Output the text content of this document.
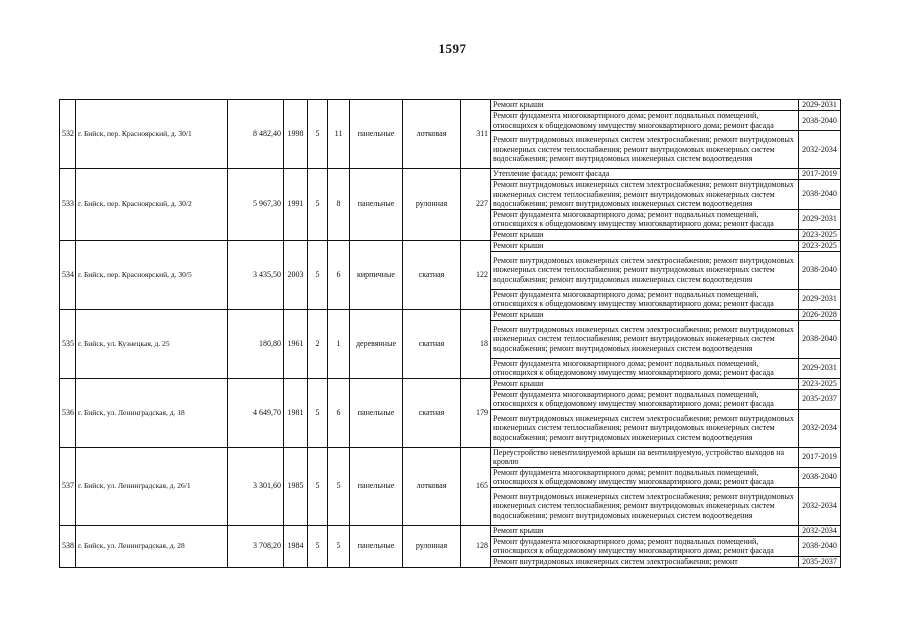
1597
532	г. Бийск, пер. Красноярский, д. 30/1	8 482,40	1998	5	11	панельные	лотковая	311	Ремонт крыши	2029-2031
									Ремонт фундамента многоквартирного дома; ремонт подвальных помещений, относящихся к общедомовому имуществу многоквартирного дома; ремонт фасада	2038-2040
									Ремонт внутридомовых инженерных систем электроснабжения; ремонт внутридомовых инженерных систем теплоснабжения; ремонт внутридомовых инженерных систем водоснабжения; ремонт внутридомовых инженерных систем водоотведения	2032-2034
533	г. Бийск, пер. Красноярский, д. 30/2	5 967,30	1991	5	8	панельные	рулонная	227	Утепление фасада; ремонт фасада	2017-2019
									Ремонт внутридомовых инженерных систем электроснабжения; ремонт внутридомовых инженерных систем теплоснабжения; ремонт внутридомовых инженерных систем водоснабжения; ремонт внутридомовых инженерных систем водоотведения	2038-2040
									Ремонт фундамента многоквартирного дома; ремонт подвальных помещений, относящихся к общедомовому имуществу многоквартирного дома; ремонт фасада	2029-2031
									Ремонт крыши	2023-2025
534	г. Бийск, пер. Красноярский, д. 30/5	3 435,50	2003	5	6	кирпичные	скатная	122	Ремонт крыши	2023-2025
									Ремонт внутридомовых инженерных систем электроснабжения; ремонт внутридомовых инженерных систем теплоснабжения; ремонт внутридомовых инженерных систем водоснабжения; ремонт внутридомовых инженерных систем водоотведения	2038-2040
									Ремонт фундамента многоквартирного дома; ремонт подвальных помещений, относящихся к общедомовому имуществу многоквартирного дома; ремонт фасада	2029-2031
535	г. Бийск, ул. Кузнецкая, д. 25	180,80	1961	2	1	деревянные	скатная	18	Ремонт крыши	2026-2028
									Ремонт внутридомовых инженерных систем электроснабжения; ремонт внутридомовых инженерных систем теплоснабжения; ремонт внутридомовых инженерных систем водоснабжения; ремонт внутридомовых инженерных систем водоотведения	2038-2040
									Ремонт фундамента многоквартирного дома; ремонт подвальных помещений, относящихся к общедомовому имуществу многоквартирного дома; ремонт фасада	2029-2031
536	г. Бийск, ул. Ленинградская, д. 18	4 649,70	1981	5	6	панельные	скатная	179	Ремонт крыши	2023-2025
									Ремонт фундамента многоквартирного дома; ремонт подвальных помещений, относящихся к общедомовому имуществу многоквартирного дома; ремонт фасада	2035-2037
									Ремонт внутридомовых инженерных систем электроснабжения; ремонт внутридомовых инженерных систем теплоснабжения; ремонт внутридомовых инженерных систем водоснабжения; ремонт внутридомовых инженерных систем водоотведения	2032-2034
537	г. Бийск, ул. Ленинградская, д. 26/1	3 301,60	1985	5	5	панельные	лотковая	165	Переустройство невентилируемой крыши на вентилируемую, устройство выходов на кровлю	2017-2019
									Ремонт фундамента многоквартирного дома; ремонт подвальных помещений, относящихся к общедомовому имуществу многоквартирного дома; ремонт фасада	2038-2040
									Ремонт внутридомовых инженерных систем электроснабжения; ремонт внутридомовых инженерных систем теплоснабжения; ремонт внутридомовых инженерных систем водоснабжения; ремонт внутридомовых инженерных систем водоотведения	2032-2034
538	г. Бийск, ул. Ленинградская, д. 28	3 708,20	1984	5	5	панельные	рулонная	128	Ремонт крыши	2032-2034
									Ремонт фундамента многоквартирного дома; ремонт подвальных помещений, относящихся к общедомовому имуществу многоквартирного дома; ремонт фасада	2038-2040
									Ремонт внутридомовых инженерных систем электроснабжения; ремонт	2035-2037
